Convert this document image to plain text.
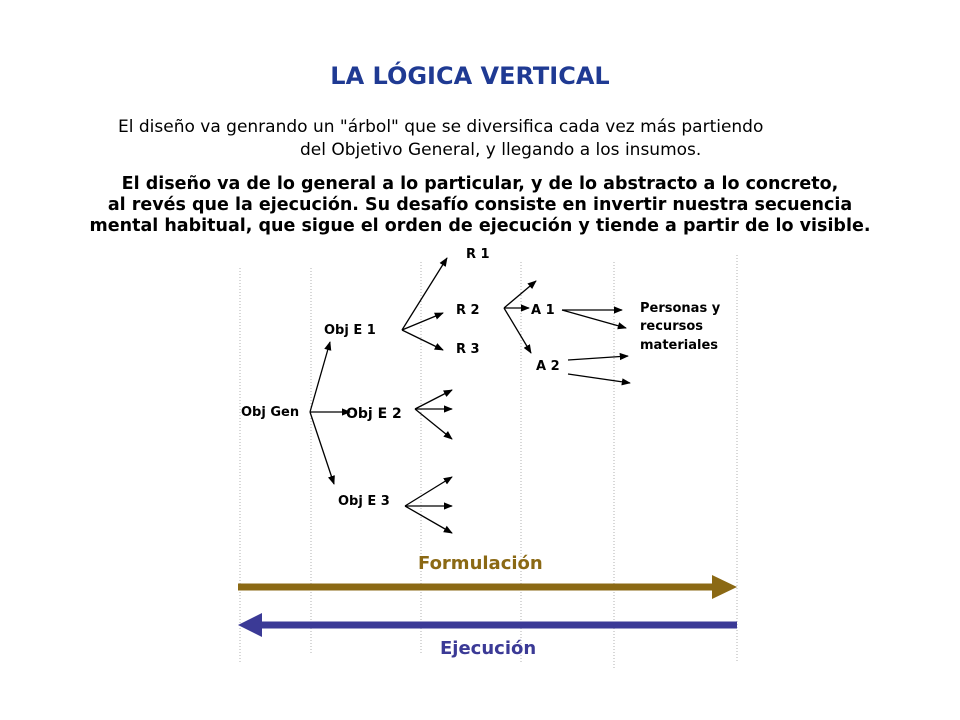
LA LÓGICA VERTICAL
El diseño va genrando un "árbol" que se diversifica cada vez más partiendo
del Objetivo General, y llegando a los insumos.
El diseño va de lo general a lo particular, y de lo abstracto a lo concreto,
al revés que la ejecución. Su desafío consiste en invertir nuestra secuencia
mental habitual, que sigue el orden de ejecución y tiende a partir de lo visible.
Obj Gen
Obj E 1
Obj E 2
Obj E 3
R 1
R 2
R 3
A 1
A 2
Personas y
recursos
materiales
Formulación
Ejecución
